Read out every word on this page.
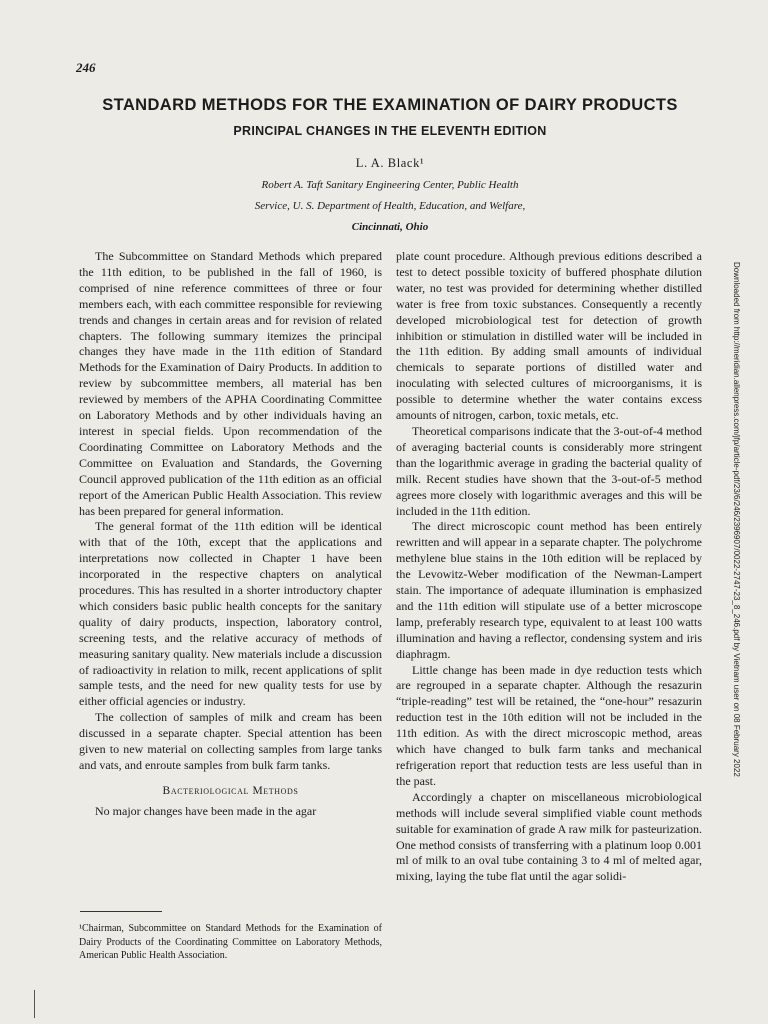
246
STANDARD METHODS FOR THE EXAMINATION OF DAIRY PRODUCTS
PRINCIPAL CHANGES IN THE ELEVENTH EDITION
L. A. Black¹
Robert A. Taft Sanitary Engineering Center, Public Health
Service, U. S. Department of Health, Education, and Welfare,
Cincinnati, Ohio

The Subcommittee on Standard Methods which prepared the 11th edition, to be published in the fall of 1960, is comprised of nine reference committees of three or four members each, with each committee responsible for reviewing trends and changes in certain areas and for revision of related chapters. The following summary itemizes the principal changes they have made in the 11th edition of Standard Methods for the Examination of Dairy Products. In addition to review by subcommittee members, all material has ben reviewed by members of the APHA Coordinating Committee on Laboratory Methods and by other individuals having an interest in special fields. Upon recommendation of the Coordinating Committee on Laboratory Methods and the Committee on Evaluation and Standards, the Governing Council approved publication of the 11th edition as an official report of the American Public Health Association. This review has been prepared for general information.

The general format of the 11th edition will be identical with that of the 10th, except that the applications and interpretations now collected in Chapter 1 have been incorporated in the respective chapters on analytical procedures. This has resulted in a shorter introductory chapter which considers basic public health concepts for the sanitary quality of dairy products, inspection, laboratory control, screening tests, and the relative accuracy of methods of measuring sanitary quality. New materials include a discussion of radioactivity in relation to milk, recent applications of split sample tests, and the need for new quality tests for use by either official agencies or industry.

The collection of samples of milk and cream has been discussed in a separate chapter. Special attention has been given to new material on collecting samples from large tanks and vats, and enroute samples from bulk farm tanks.

Bacteriological Methods

No major changes have been made in the agar

plate count procedure. Although previous editions described a test to detect possible toxicity of buffered phosphate dilution water, no test was provided for determining whether distilled water is free from toxic substances. Consequently a recently developed microbiological test for detection of growth inhibition or stimulation in distilled water will be included in the 11th edition. By adding small amounts of individual chemicals to separate portions of distilled water and inoculating with selected cultures of microorganisms, it is possible to determine whether the water contains excess amounts of nitrogen, carbon, toxic metals, etc.

Theoretical comparisons indicate that the 3-out-of-4 method of averaging bacterial counts is considerably more stringent than the logarithmic average in grading the bacterial quality of milk. Recent studies have shown that the 3-out-of-5 method agrees more closely with logarithmic averages and this will be included in the 11th edition.

The direct microscopic count method has been entirely rewritten and will appear in a separate chapter. The polychrome methylene blue stains in the 10th edition will be replaced by the Levowitz-Weber modification of the Newman-Lampert stain. The importance of adequate illumination is emphasized and the 11th edition will stipulate use of a better microscope lamp, preferably research type, equivalent to at least 100 watts illumination and having a reflector, condensing system and iris diaphragm.

Little change has been made in dye reduction tests which are regrouped in a separate chapter. Although the resazurin “triple-reading” test will be retained, the “one-hour” resazurin reduction test in the 10th edition will not be included in the 11th edition. As with the direct microscopic method, areas which have changed to bulk farm tanks and mechanical refrigeration report that reduction tests are less useful than in the past.

Accordingly a chapter on miscellaneous microbiological methods will include several simplified viable count methods suitable for examination of grade A raw milk for pasteurization. One method consists of transferring with a platinum loop 0.001 ml of milk to an oval tube containing 3 to 4 ml of melted agar, mixing, laying the tube flat until the agar solidi-

¹Chairman, Subcommittee on Standard Methods for the Examination of Dairy Products of the Coordinating Committee on Laboratory Methods, American Public Health Association.
Downloaded from http://meridian.allenpress.com/jfp/article-pdf/23/6/246/2396907/0022-2747-23_8_246.pdf by Vietnam user on 08 February 2022
